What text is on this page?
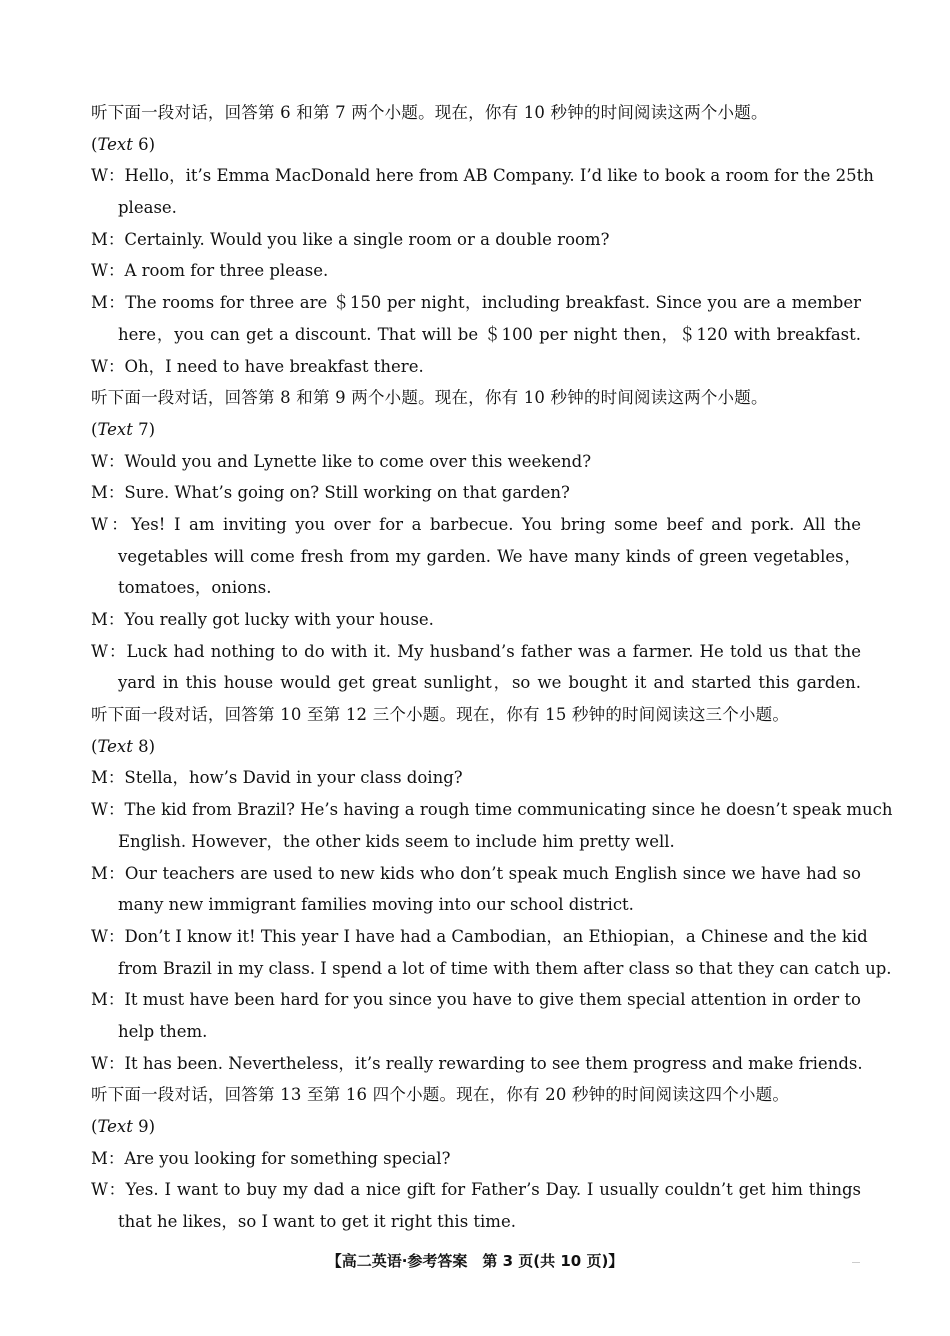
听下面一段对话，回答第 6 和第 7 两个小题。现在，你有 10 秒钟的时间阅读这两个小题。
(Text 6)
W：Hello，it’s Emma MacDonald here from AB Company. I’d like to book a room for the 25th
please.
M：Certainly. Would you like a single room or a double room?
W：A room for three please.
M：The rooms for three are ＄150 per night，including breakfast. Since you are a member
here，you can get a discount. That will be ＄100 per night then，＄120 with breakfast.
W：Oh，I need to have breakfast there.
听下面一段对话，回答第 8 和第 9 两个小题。现在，你有 10 秒钟的时间阅读这两个小题。
(Text 7)
W：Would you and Lynette like to come over this weekend?
M：Sure. What’s going on? Still working on that garden?
W：Yes! I am inviting you over for a barbecue. You bring some beef and pork. All the
vegetables will come fresh from my garden. We have many kinds of green vegetables，
tomatoes，onions.
M：You really got lucky with your house.
W：Luck had nothing to do with it. My husband’s father was a farmer. He told us that the
yard in this house would get great sunlight，so we bought it and started this garden.
听下面一段对话，回答第 10 至第 12 三个小题。现在，你有 15 秒钟的时间阅读这三个小题。
(Text 8)
M：Stella，how’s David in your class doing?
W：The kid from Brazil? He’s having a rough time communicating since he doesn’t speak much
English. However，the other kids seem to include him pretty well.
M：Our teachers are used to new kids who don’t speak much English since we have had so
many new immigrant families moving into our school district.
W：Don’t I know it! This year I have had a Cambodian，an Ethiopian，a Chinese and the kid
from Brazil in my class. I spend a lot of time with them after class so that they can catch up.
M：It must have been hard for you since you have to give them special attention in order to
help them.
W：It has been. Nevertheless，it’s really rewarding to see them progress and make friends.
听下面一段对话，回答第 13 至第 16 四个小题。现在，你有 20 秒钟的时间阅读这四个小题。
(Text 9)
M：Are you looking for something special?
W：Yes. I want to buy my dad a nice gift for Father’s Day. I usually couldn’t get him things
that he likes，so I want to get it right this time.
【高二英语·参考答案　第 3 页(共 10 页)】
